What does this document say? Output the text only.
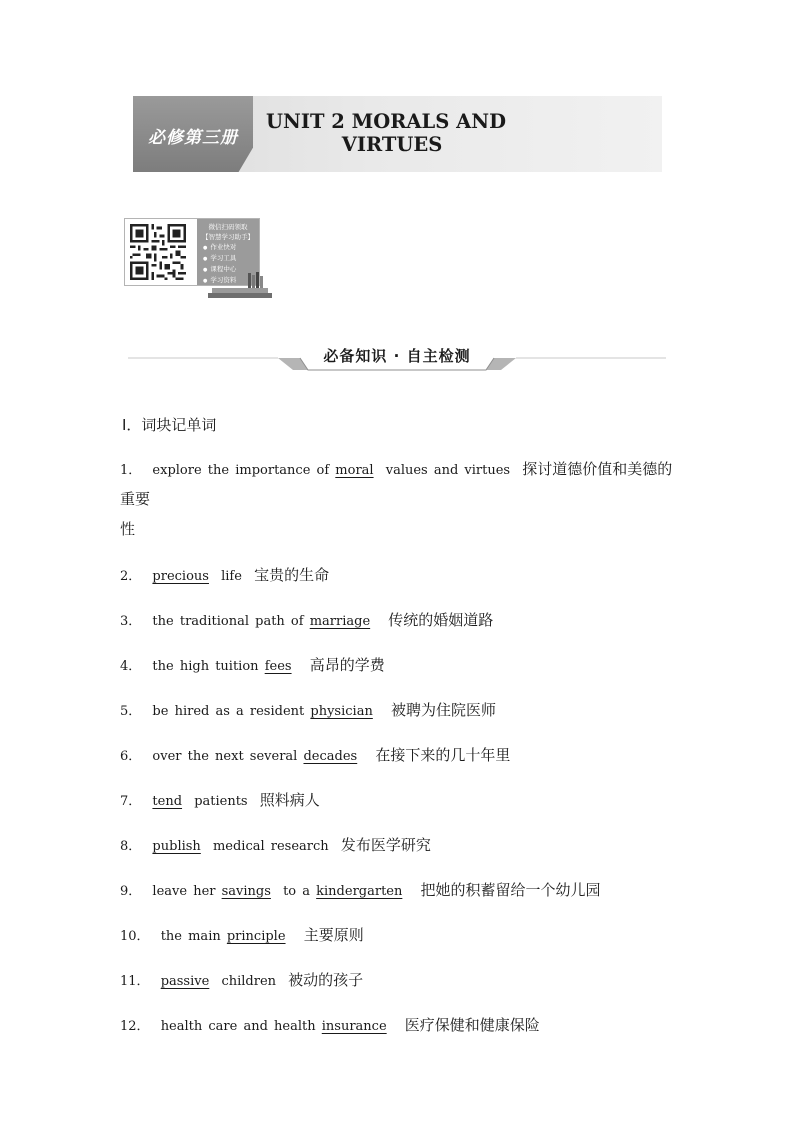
必修第三册
UNIT 2 MORALS AND
VIRTUES
微信扫码领取
【智慧学习助手】
● 作业快对
● 学习工具
● 课程中心
● 学习资料
必备知识 · 自主检测
Ⅰ．词块记单词
1． explore the importance of moral values and virtues 探讨道德价值和美德的重要
性
2． precious life 宝贵的生命
3． the traditional path of marriage 传统的婚姻道路
4． the high tuition fees 高昂的学费
5． be hired as a resident physician 被聘为住院医师
6． over the next several decades 在接下来的几十年里
7． tend patients 照料病人
8． publish medical research 发布医学研究
9． leave her savings to a kindergarten 把她的积蓄留给一个幼儿园
10． the main principle 主要原则
11． passive children 被动的孩子
12． health care and health insurance 医疗保健和健康保险
